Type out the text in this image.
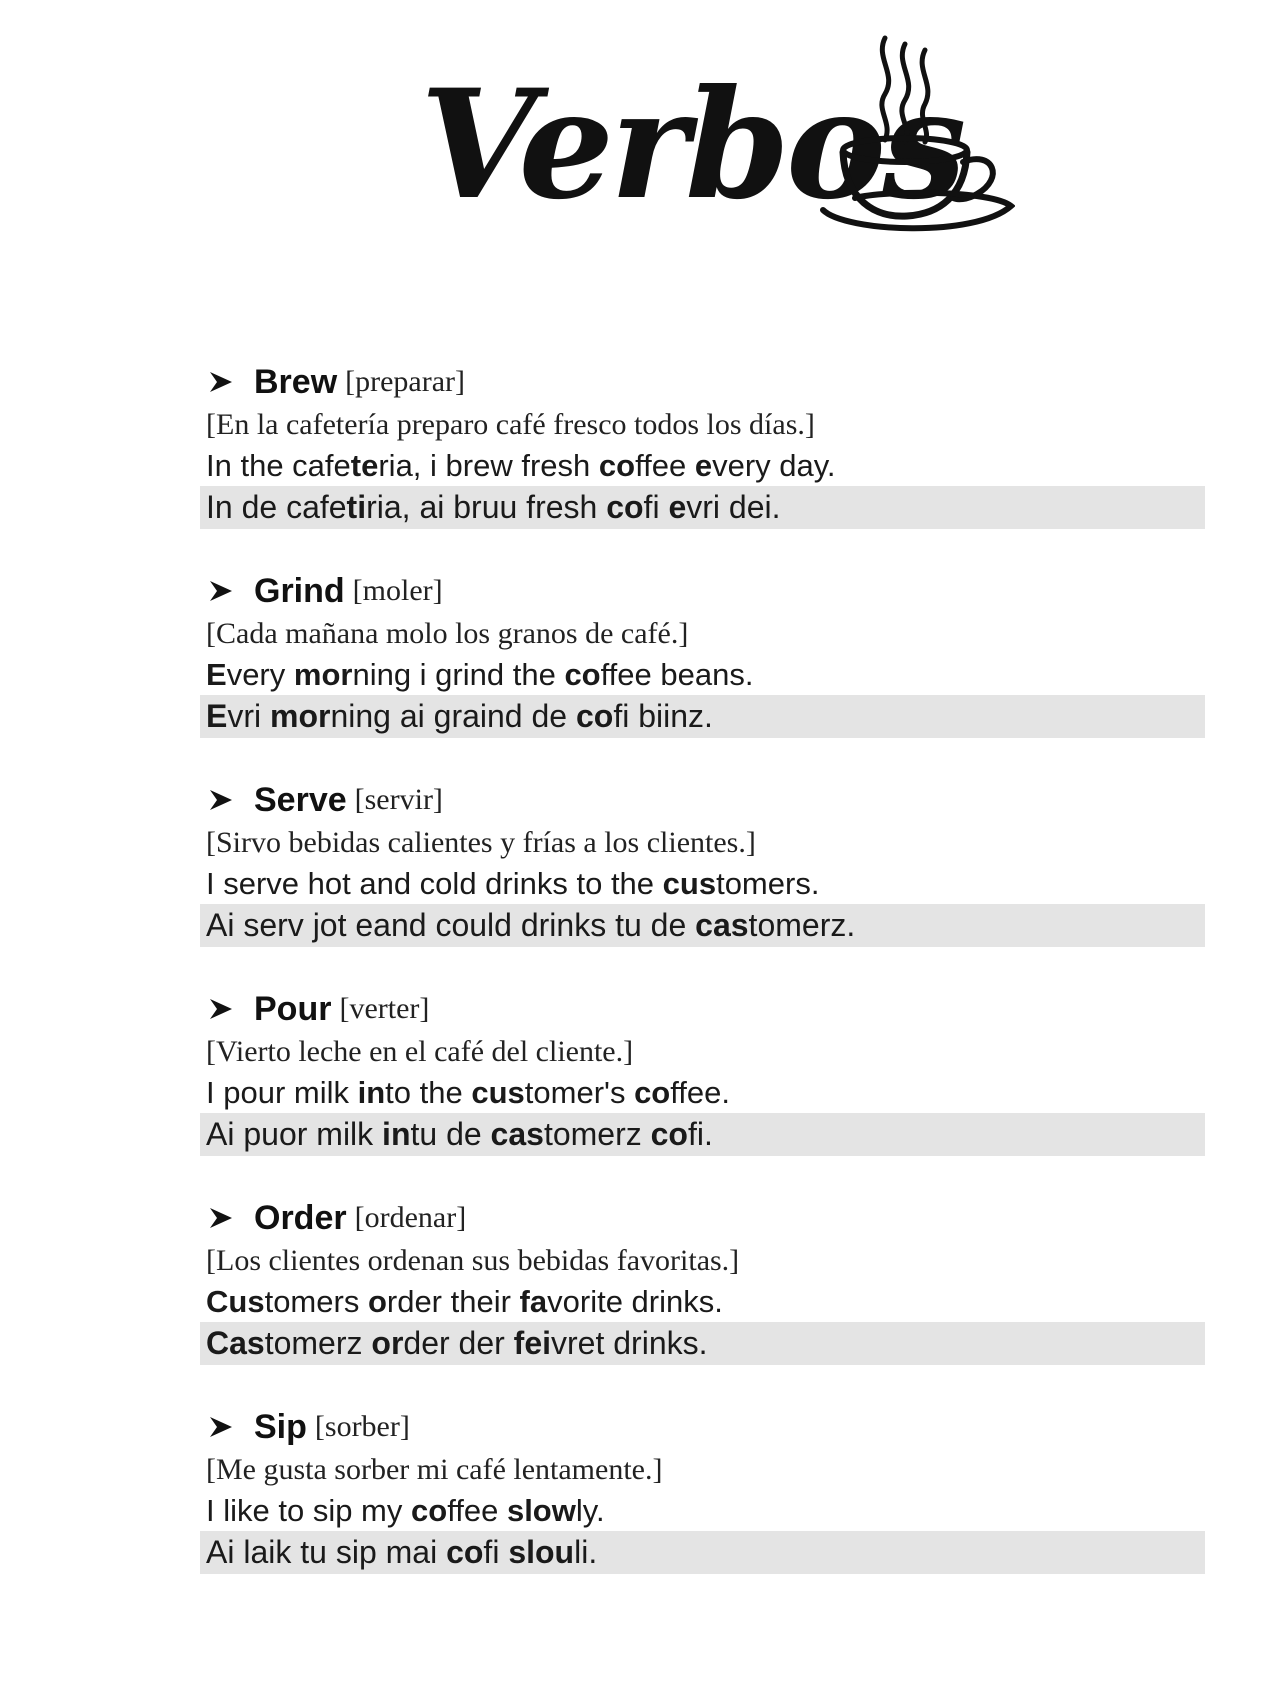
Verbos
Brew [preparar]
[En la cafetería preparo café fresco todos los días.]
In the cafeteria, i brew fresh coffee every day.
In de cafetiria, ai bruu fresh cofi evri dei.
Grind [moler]
[Cada mañana molo los granos de café.]
Every morning i grind the coffee beans.
Evri morning ai graind de cofi biinz.
Serve [servir]
[Sirvo bebidas calientes y frías a los clientes.]
I serve hot and cold drinks to the customers.
Ai serv jot eand could drinks tu de castomerz.
Pour [verter]
[Vierto leche en el café del cliente.]
I pour milk into the customer's coffee.
Ai puor milk intu de castomerz cofi.
Order [ordenar]
[Los clientes ordenan sus bebidas favoritas.]
Customers order their favorite drinks.
Castomerz order der feivret drinks.
Sip [sorber]
[Me gusta sorber mi café lentamente.]
I like to sip my coffee slowly.
Ai laik tu sip mai cofi slouli.
